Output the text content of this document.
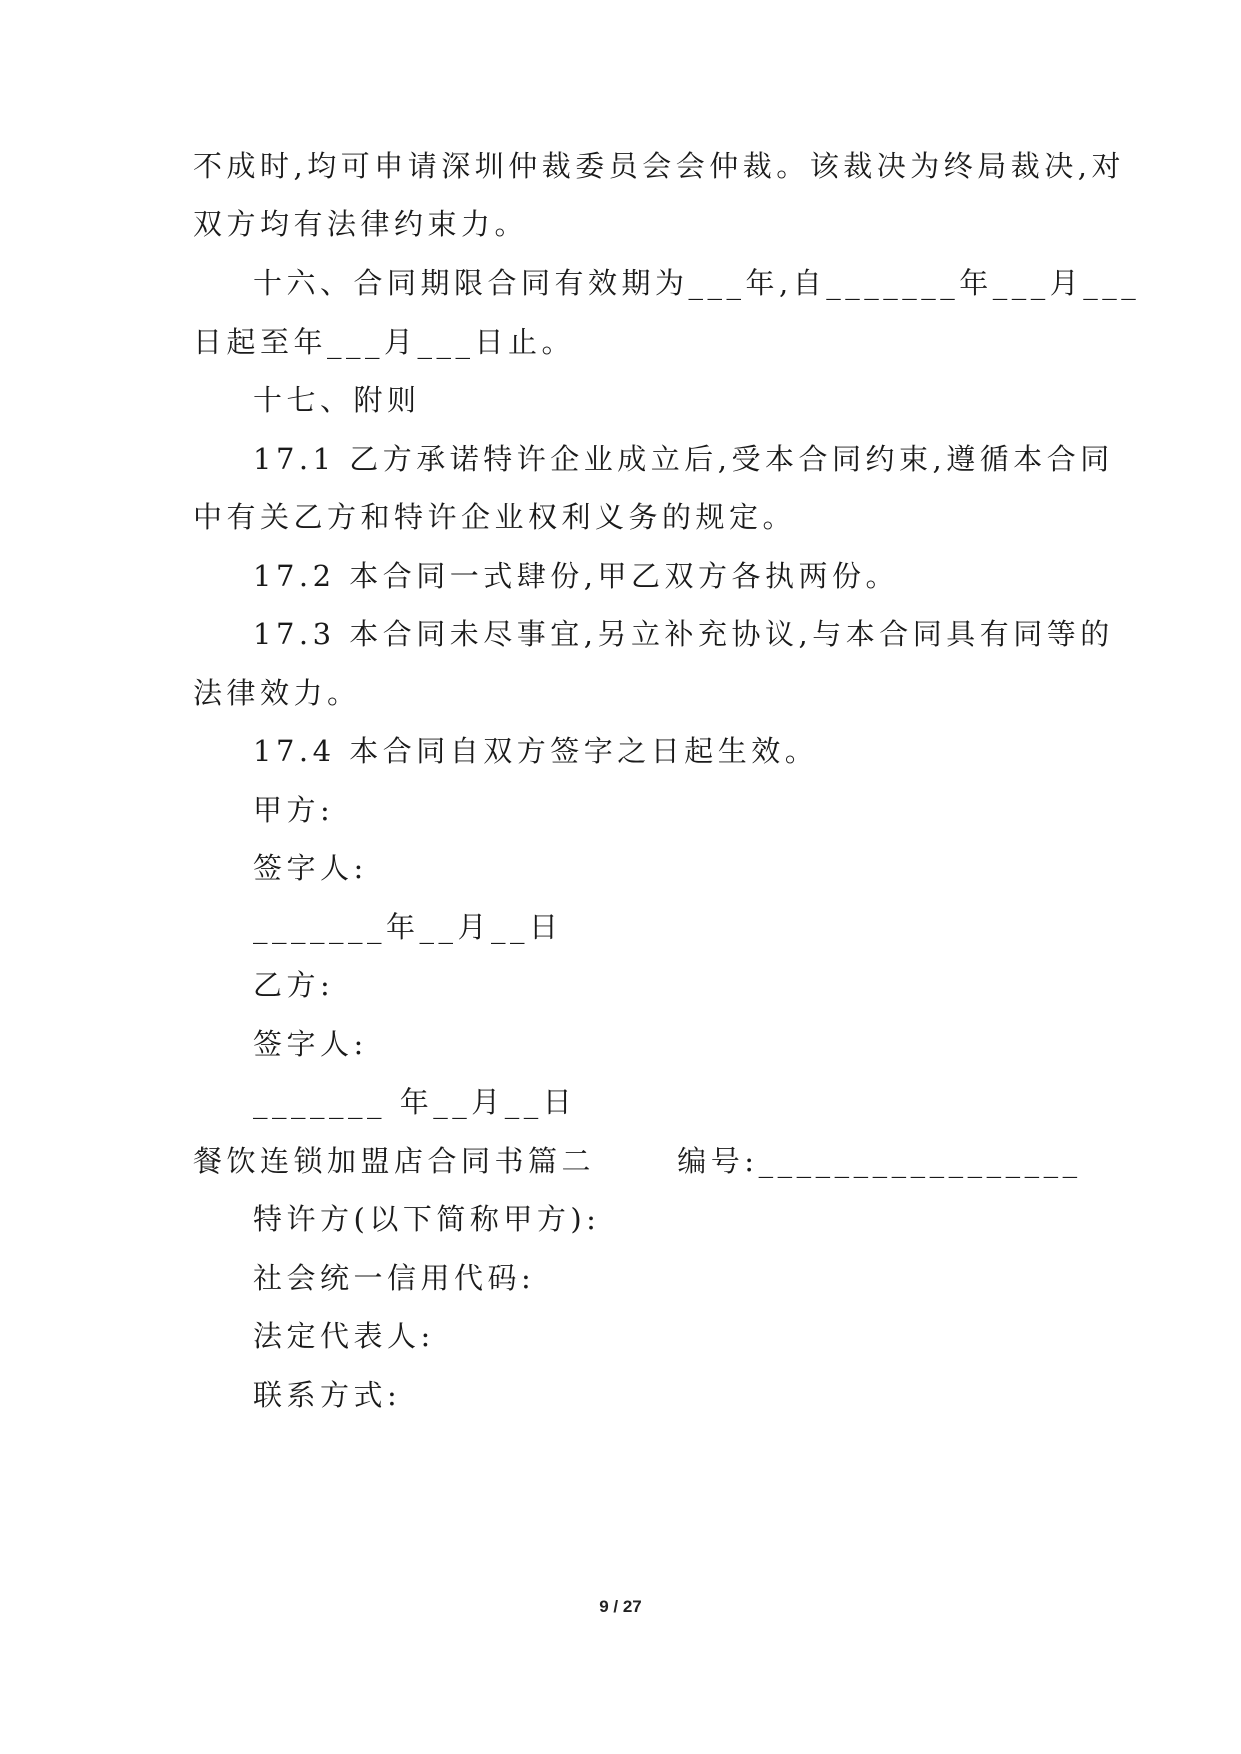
不成时,均可申请深圳仲裁委员会会仲裁。该裁决为终局裁决,对
双方均有法律约束力。
十六、合同期限合同有效期为___年,自_______年___月___
日起至年___月___日止。
十七、附则
17.1 乙方承诺特许企业成立后,受本合同约束,遵循本合同
中有关乙方和特许企业权利义务的规定。
17.2 本合同一式肆份,甲乙双方各执两份。
17.3 本合同未尽事宜,另立补充协议,与本合同具有同等的
法律效力。
17.4 本合同自双方签字之日起生效。
甲方:
签字人:
_______年__月__日
乙方:
签字人:
_______ 年__月__日
餐饮连锁加盟店合同书篇二      编号:_________________
特许方(以下简称甲方):
社会统一信用代码:
法定代表人:
联系方式:
9 / 27
